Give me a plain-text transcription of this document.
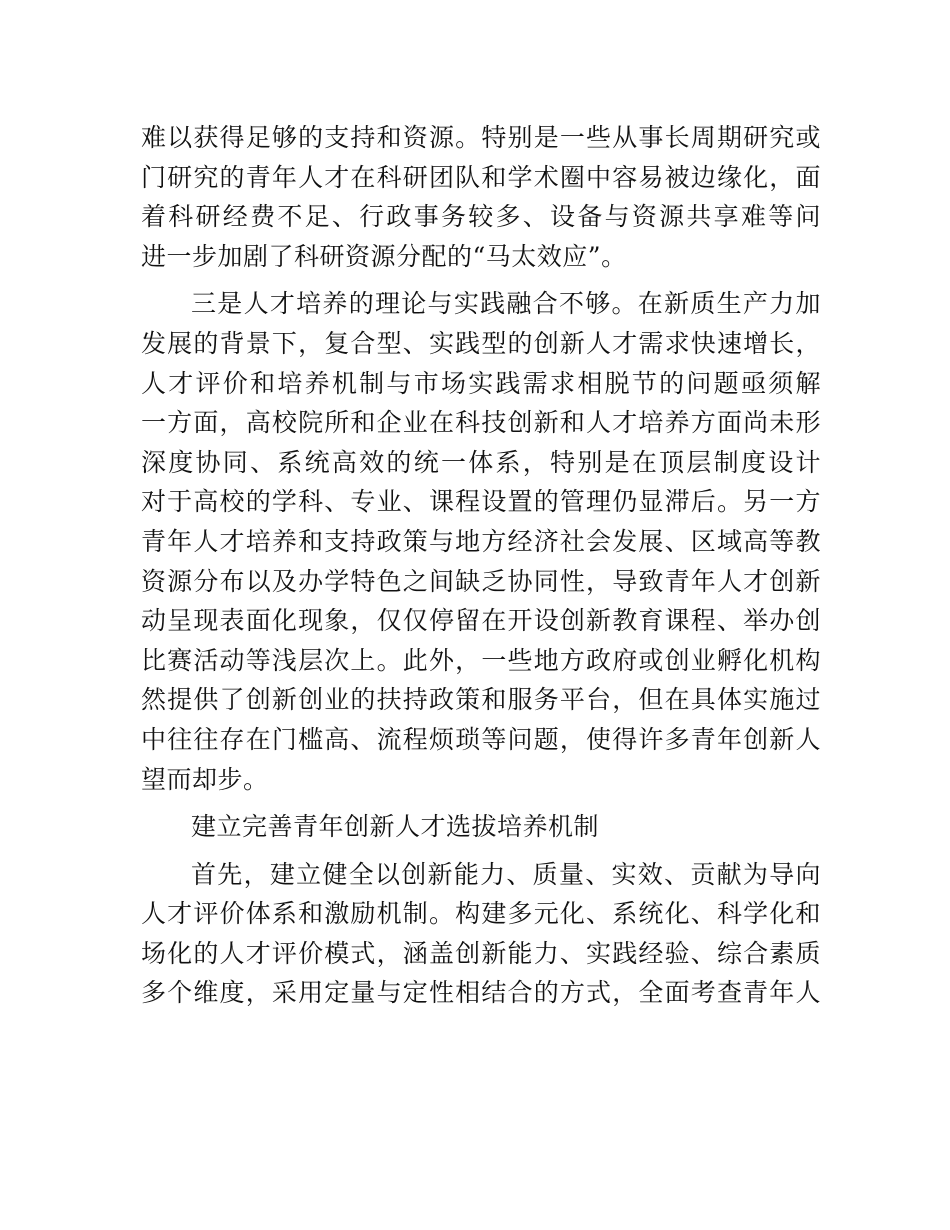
难以获得足够的支持和资源。特别是一些从事长周期研究或
门研究的青年人才在科研团队和学术圈中容易被边缘化，面
着科研经费不足、行政事务较多、设备与资源共享难等问
进一步加剧了科研资源分配的“马太效应”。
三是人才培养的理论与实践融合不够。在新质生产力加
发展的背景下，复合型、实践型的创新人才需求快速增长，
人才评价和培养机制与市场实践需求相脱节的问题亟须解
一方面，高校院所和企业在科技创新和人才培养方面尚未形
深度协同、系统高效的统一体系，特别是在顶层制度设计
对于高校的学科、专业、课程设置的管理仍显滞后。另一方
青年人才培养和支持政策与地方经济社会发展、区域高等教
资源分布以及办学特色之间缺乏协同性，导致青年人才创新
动呈现表面化现象，仅仅停留在开设创新教育课程、举办创
比赛活动等浅层次上。此外，一些地方政府或创业孵化机构
然提供了创新创业的扶持政策和服务平台，但在具体实施过
中往往存在门槛高、流程烦琐等问题，使得许多青年创新人
望而却步。
建立完善青年创新人才选拔培养机制
首先，建立健全以创新能力、质量、实效、贡献为导向
人才评价体系和激励机制。构建多元化、系统化、科学化和
场化的人才评价模式，涵盖创新能力、实践经验、综合素质
多个维度，采用定量与定性相结合的方式，全面考查青年人
